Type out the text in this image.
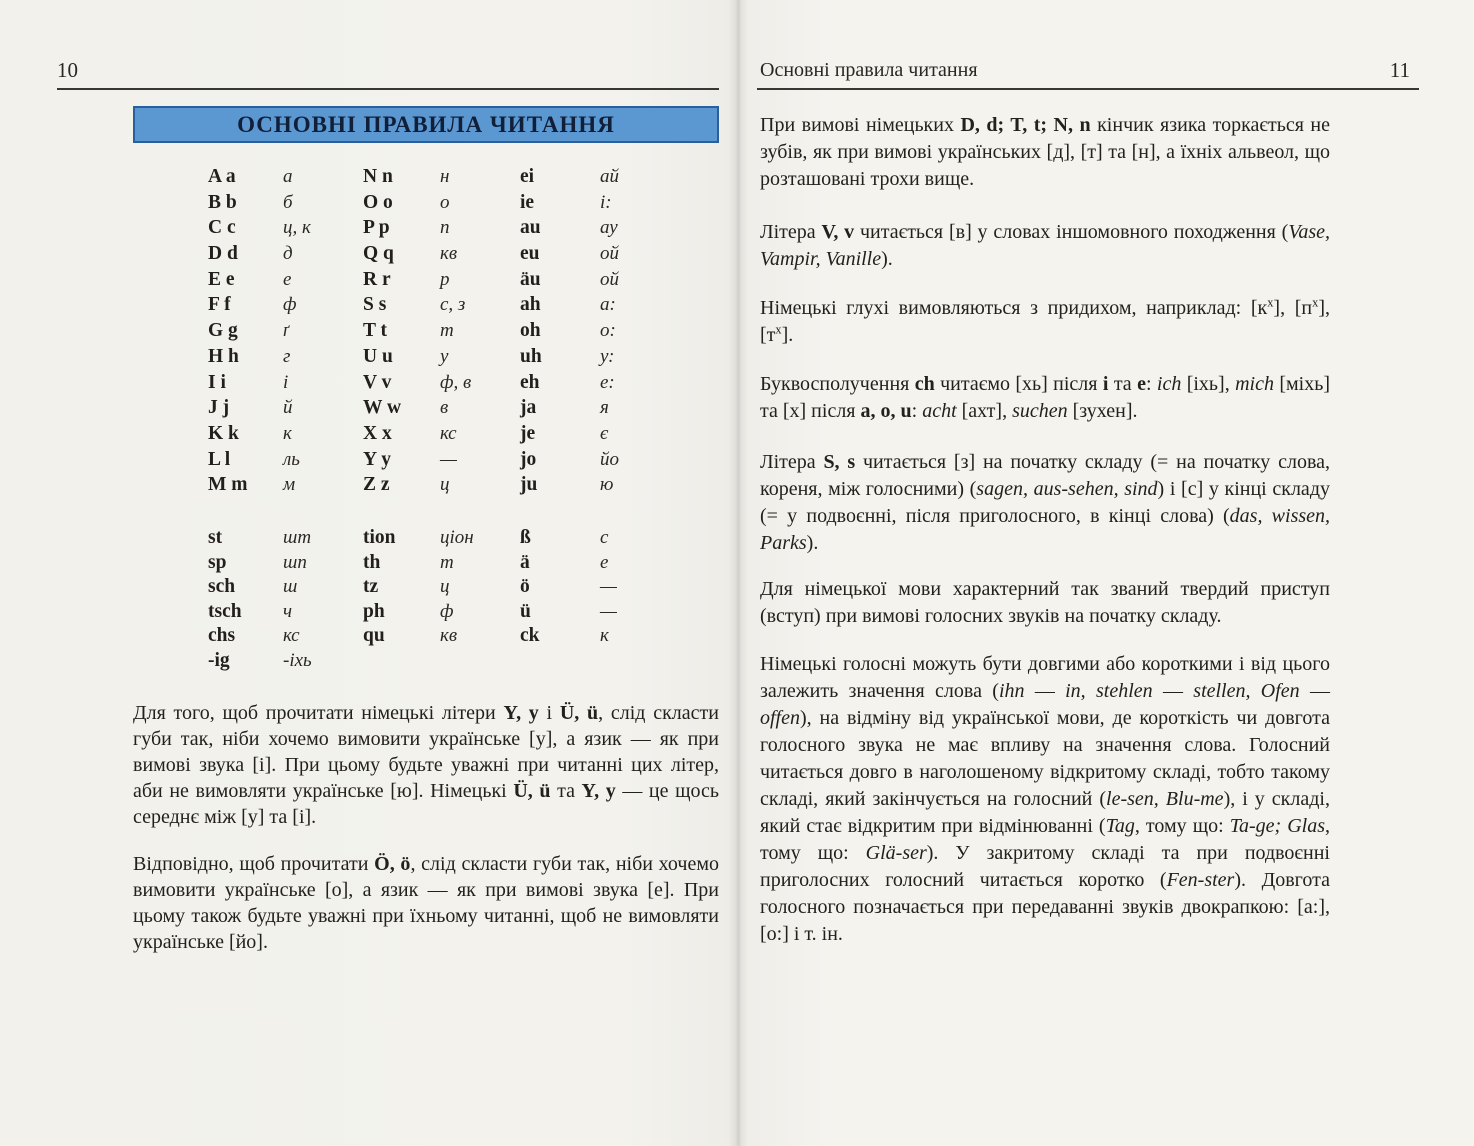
10
ОСНОВНІ ПРАВИЛА ЧИТАННЯ
A a	а	N n	н	ei	ай
B b	б	O o	о	ie	і:
C c	ц, к	P p	п	au	ау
D d	д	Q q	кв	eu	ой
E e	е	R r	р	äu	ой
F f	ф	S s	с, з	ah	а:
G g	ґ	T t	т	oh	о:
H h	г	U u	у	uh	у:
I i	і	V v	ф, в	eh	е:
J j	й	W w	в	ja	я
K k	к	X x	кс	je	є
L l	ль	Y y	—	jo	йо
M m	м	Z z	ц	ju	ю
st	шт	tion	ціон	ß	с
sp	шп	th	т	ä	е
sch	ш	tz	ц	ö	—
tsch	ч	ph	ф	ü	—
chs	кс	qu	кв	ck	к
-ig	-іхь

Для того, щоб прочитати німецькі літери Y, y і Ü, ü, слід скласти губи так, ніби хочемо вимовити українське [у], а язик — як при вимові звука [і]. При цьому будьте уважні при читанні цих літер, аби не вимовляти українське [ю]. Німецькі Ü, ü та Y, y — це щось середнє між [у] та [і].

Відповідно, щоб прочитати Ö, ö, слід скласти губи так, ніби хочемо вимовити українське [о], а язик — як при вимові звука [е]. При цьому також будьте уважні при їхньому читанні, щоб не вимовляти українське [йо].

Основні правила читання	11

При вимові німецьких D, d; T, t; N, n кінчик язика торкається не зубів, як при вимові українських [д], [т] та [н], а їхніх альвеол, що розташовані трохи вище.

Літера V, v читається [в] у словах іншомовного походження (Vase, Vampir, Vanille).

Німецькі глухі вимовляються з придихом, наприклад: $[к^х]$, $[п^х]$, $[т^х]$.

Буквосполучення ch читаємо [хь] після i та e: ich [іхь], mich [міхь] та [х] після a, o, u: acht [ахт], suchen [зухен].

Літера S, s читається [з] на початку складу (= на початку слова, кореня, між голосними) (sagen, aus-sehen, sind) і [с] у кінці складу (= у подвоєнні, після приголосного, в кінці слова) (das, wissen, Parks).

Для німецької мови характерний так званий твердий приступ (вступ) при вимові голосних звуків на початку складу.

Німецькі голосні можуть бути довгими або короткими і від цього залежить значення слова (ihn — in, stehlen — stellen, Ofen — offen), на відміну від української мови, де короткість чи довгота голосного звука не має впливу на значення слова. Голосний читається довго в наголошеному відкритому складі, тобто такому складі, який закінчується на голосний (le-sen, Blu-me), і у складі, який стає відкритим при відмінюванні (Tag, тому що: Ta-ge; Glas, тому що: Glä-ser). У закритому складі та при подвоєнні приголосних голосний читається коротко (Fen-ster). Довгота голосного позначається при передаванні звуків двокрапкою: [а:], [о:] і т. ін.
